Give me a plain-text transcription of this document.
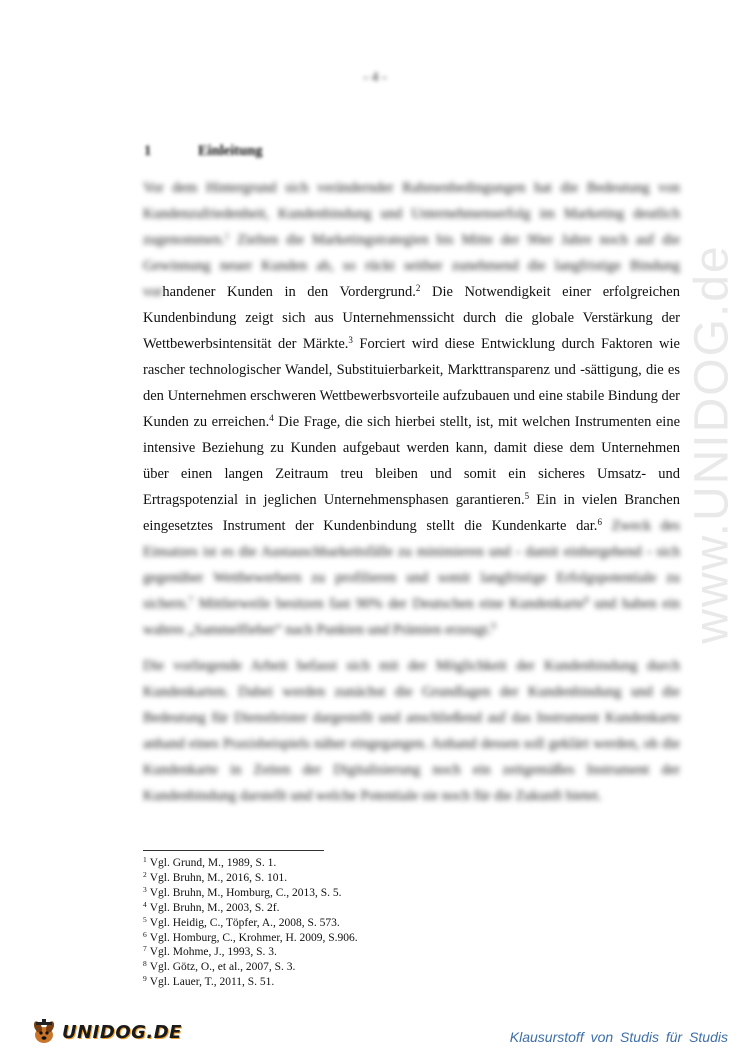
- 4 -
1	Einleitung

Vor dem Hintergrund sich verändernder Rahmenbedingungen hat die Bedeutung von Kundenzufriedenheit, Kundenbindung und Unternehmenserfolg im Marketing deutlich zugenommen.$^1$ Zielten die Marketingstrategien bis Mitte der 90er Jahre noch auf die Gewinnung neuer Kunden ab, so rückt seither zunehmend die langfristige Bindung vorhandener Kunden in den Vordergrund.$^2$ Die Notwendigkeit einer erfolgreichen Kundenbindung zeigt sich aus Unternehmenssicht durch die globale Verstärkung der Wettbewerbsintensität der Märkte.$^3$ Forciert wird diese Entwicklung durch Faktoren wie rascher technologischer Wandel, Substituierbarkeit, Markttransparenz und -sättigung, die es den Unternehmen erschweren Wettbewerbsvorteile aufzubauen und eine stabile Bindung der Kunden zu erreichen.$^4$ Die Frage, die sich hierbei stellt, ist, mit welchen Instrumenten eine intensive Beziehung zu Kunden aufgebaut werden kann, damit diese dem Unternehmen über einen langen Zeitraum treu bleiben und somit ein sicheres Umsatz- und Ertragspotenzial in jeglichen Unternehmensphasen garantieren.$^5$ Ein in vielen Branchen eingesetztes Instrument der Kundenbindung stellt die Kundenkarte dar.$^6$ Zweck des Einsatzes ist es die Austauschbarkeitsfälle zu minimieren und - damit einhergehend - sich gegenüber Wettbewerbern zu profilieren und somit langfristige Erfolgspotentiale zu sichern.$^7$ Mittlerweile besitzen fast 90% der Deutschen eine Kundenkarte$^8$ und haben ein wahres „Sammelfieber“ nach Punkten und Prämien erzeugt.$^9$

Die vorliegende Arbeit befasst sich mit der Möglichkeit der Kundenbindung durch Kundenkarten. Dabei werden zunächst die Grundlagen der Kundenbindung und die Bedeutung für Dienstleister dargestellt und anschließend auf das Instrument Kundenkarte anhand eines Praxisbeispiels näher eingegangen. Anhand dessen soll geklärt werden, ob die Kundenkarte in Zeiten der Digitalisierung noch ein zeitgemäßes Instrument der Kundenbindung darstellt und welche Potentiale sie noch für die Zukunft bietet.

$^1$ Vgl. Grund, M., 1989, S. 1.
$^2$ Vgl. Bruhn, M., 2016, S. 101.
$^3$ Vgl. Bruhn, M., Homburg, C., 2013, S. 5.
$^4$ Vgl. Bruhn, M., 2003, S. 2f.
$^5$ Vgl. Heidig, C., Töpfer, A., 2008, S. 573.
$^6$ Vgl. Homburg, C., Krohmer, H. 2009, S.906.
$^7$ Vgl. Mohme, J., 1993, S. 3.
$^8$ Vgl. Götz, O., et al., 2007, S. 3.
$^9$ Vgl. Lauer, T., 2011, S. 51.
www.UNIDOG.de
UNIDOG.DE	Klausurstoff von Studis für Studis
